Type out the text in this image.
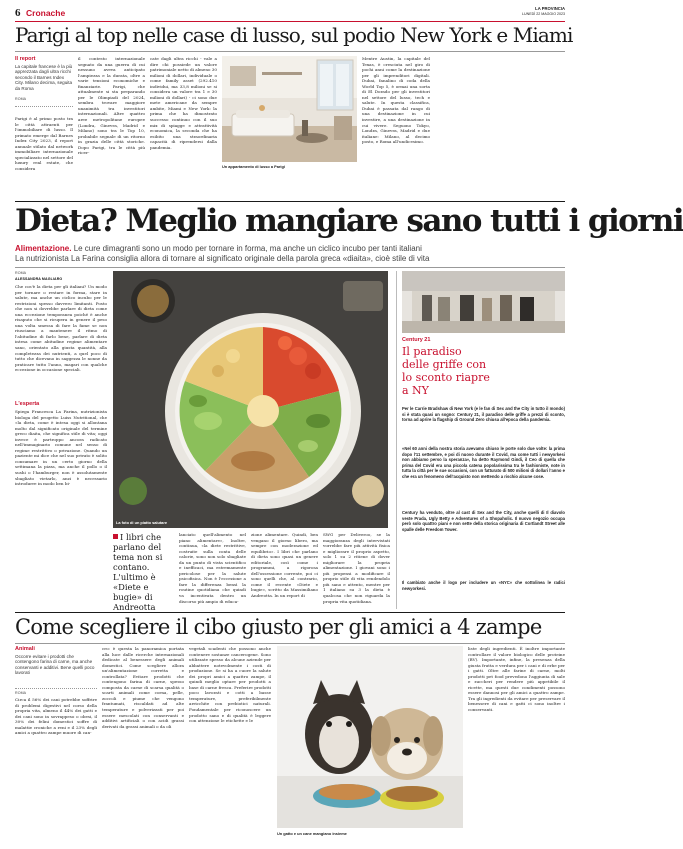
6 Cronache	LA PROVINCIA
LUNEDÌ 22 MAGGIO 2023
Parigi al top nelle case di lusso, sul podio New York e Miami
Il report
La capitale francese è la più apprezzata dagli ultra ricchi secondo il Barnes Index City. Milano decima, seguita da Roma
ROMA
Parigi è al primo posto tra le città attraenti per l'immobiliare di lusso. Il primato emerge dal Barnes Index City 2023, il report annuale stilato dal network immobiliare internazionale specializzato nel settore del luxury real estate, che considera
il contesto internazionale segnato da una guerra di cui nessuno aveva anticipato l'ampiezza e la durata, oltre a varie tensioni economiche e finanziarie. Parigi, che attualmente si sta preparando per le Olimpiadi del 2024, sembra trovare maggiore unanimità tra investitori internazionali. Altre quattro aree metropolitane europee (Londra, Ginevra, Madrid e Milano) sono tra le Top 10, probabile segnale di un ritorno in grazia delle città storiche. Dopo Parigi, tra le città più ricer-
cate dagli ultra ricchi - vale a dire chi possiede un valore patrimoniale netto di almeno 30 milioni di dollari, individuale o come family asset (292.410 individui, ma 33,8 milioni se si considera un valore tra 1 e 30 milioni di dollari) - ci sono due mete americane da sempre ambite, Miami e New York: la prima che ha dimostrato successo continuo con il suo mix di spiagge e attrattività economica, la seconda che ha esibito una straordinaria capacità di riprendersi dalla pandemia.
Un appartamento di lusso a Parigi
Mentre Austin, la capitale del Texas, è cresciuta nel giro di pochi anni come la destinazione per gli imprenditori digitali. Dubai, fanalino di coda della World Top 5, è ormai una sorta di El Dorado per gli investitori nel settore del lusso, tech e salute. In questa classifica, Dubai è passata dal rango di una destinazione in cui investire, a una destinazione in cui vivere. Seguono Tokyo, Londra, Ginevra, Madrid e due italiane: Milano, al decimo posto, e Roma all'undicesimo.
Dieta? Meglio mangiare sano tutti i giorni
Alimentazione. Le cure dimagranti sono un modo per tornare in forma, ma anche un ciclico incubo per tanti italiani
La nutrizionista La Farina consiglia allora di tornare al significato originale della parola greca «diaita», cioè stile di vita
ROMA
ALESSANDRA MAGLIARO
Che cos'è la dieta per gli italiani? Un modo per tornare o restare in forma, stare in salute, ma anche un ciclico incubo per le restrizioni spesso davvero limitanti. Posto che non si dovrebbe parlare di dieta come una eccezione temporanea poiché è anche risaputo che si ricupera in genere il peso una volta smessa di fare la fame se non riusciamo a mantenere il ritmo di l'abitudine di farlo bene, parlare di dieta intesa come abitudine regime alimentare sano, orientato alla giusta quantità, alla completezza dei nutrienti, a quel poco di tutto che dicevano in saggezza le nonne da praticare tutto l'anno, magari con qualche eccezione in occasione speciali.
L'esperta
Spiega Francesca La Farina, nutrizionista biologa del progetto Luiss Nutritional, che «la dieta, come è intesa oggi si allontana molto dal significato originale del termine greco diaita, che significa stile di vita; oggi invece è partroppo ancora radicato nell'immaginario comune nel senso di regime restrittivo o privazione. Quando un paziente mi dice che nel suo privato è solito consumare in un certo giorno della settimana la pizza, ma anche il pollo o il sushi o l'hamburger, non è assolutamente sbagliato vietarlo, anzi è necessario introdurre in modo ben bi-
La foto di un piatto salutare
I libri che parlano del tema non si contano. L'ultimo è «Diete e bugie» di Andreotta
lanciato quell'alimento nel piano alimentare», Inoltre, continua, «la diete restrittive, costruite sulla conta delle calorie, sono non solo sbagliate da un punto di vista scientifico e inefficaci, ma estremamente pericolose per la salute psicofisica. Non è l'eccezione a fare la differenza bensì la routine quotidiana che quindi va incentivata dentro un discorso più ampio di educa-
zione alimentare. Quindi, ben vengano il giorno libero, ma sempre con moderazione ed equilibrio». I libri che parlano di dieta sono quasi un genere editoriale, così come i programmi, a rigorosa dell'ossessione corrente, poi ci sono quelli che, al contrario, come il recente «Diete e bugie», scritto da Massimiliano Andreotta. In un report di
SWG per Deliveroo, se la maggioranza degli intervistati vorrebbe fare più attività fisica e migliorare il proprio aspetto, solo 1 su 2 ritiene di dover migliorare la propria alimentazione. I giovani sono i più propensi a modificare il proprio stile di vita rendendolo più sano e attento, mentre per 1 italiano su 3 la dieta è qualcosa che non riguarda la propria vita quotidiana.
Century 21
Il paradiso delle griffe con lo sconto riapre a NY
Per le Carrie Bradshaw di New York (e le fan di Sex and the City in tutto il mondo) si è stata quasi un sogno: Century 21, il paradiso delle griffe a prezzi di sconto, torna ad aprire la flagship di Ground Zero chiusa all'epoca della pandemia.
«Nel 60 anni della nostra storia avevamo chiuso le porte solo due volte: la prima dopo l'11 settembre, e poi di nuovo durante il Covid, ma come tutti i newyorkesi non abbiamo perso la speranza», ha detto Raymond Gindi, il Ceo di quella che prima del Covid era una piccola catena popolarissima tra le fashioniste, note in tutta la città per le sue occasioni, con un fatturato di 500 milioni di dollari l'anno e che era un fenomeno dell'acquisto non mettendo a rischio alcune cose.
Century ha venduto, oltre al cast di Sex and the City, anche quelli di Il diavolo veste Prada, Ugly Betty e Adventures of a Shopaholic. Il nuovo negozio occupa però solo quattro piani e non sette della storica originaria di Cortlandt Street alle spalle delle Freedom Tower.
Il cambiato anche il logo per includere un «NYC» che sottolinea le radici newyorkesi.
Come scegliere il cibo giusto per gli amici a 4 zampe
Animali
Occorre evitare i prodotti che contengono farina di carne, ma anche conservanti e additivi. Bene quelli poco lavorati
ROMA
Circa il 56% dei cani potrebbe soffrire di problemi digestivi nel corso della propria vita, almeno il 44% dei gatti e dei cani sono in sovrappeso o obesi, il 30% dei felini domestici soffre di malattie croniche a reni e il 23% degli amici a quattro zampe muore di can-
cro: è questa la panoramica portata alla luce dalle ricerche internazionali dedicate al benessere degli animali domestici. Come scegliere allora un'alimentazione corretta e controllata? Evitare prodotti che contengono farina di carne, spesso composta da carne di scarsa qualità o scarti animali come corna, pelle, zoccoli e piume che vengono frantumati, riscaldati ad alte temperature e polverizzati per poi essere mescolati con conservanti e additivi artificiali o con acidi grassi derivati da grassi animali o da oli
vegetali scadenti che possono anche contenere sostanze cancerogene. Sono utilizzate spesso da alcune aziende per abbattere notevolmente i costi di produzione. Se si ha a cuore la salute dei propri amici a quattro zampe, il quindi meglio optare per prodotti a base di carne fresca. Preferire prodotti poco lavorati e cotti a basse temperature, preferibilmente arricchite con prebiotici naturali. Fondamentale per riconoscere un prodotto sano e di qualità è leggere con attenzione le etichette e le
Un gatto e un cane mangiano insieme
liste degli ingredienti. È inoltre importante controllare il valore biologico delle proteine (BV). Importante, infine, la presenza della giusta frutta e verdura per i cani e di erbe per i gatti. Oltre alle farine di carne, molti prodotti pet food prevedono l'aggiunta di sale e zuccheri per rendere più appetibile il ricette, ma questi due condimenti possono essere dannosi per gli amici a quattro zampe. Tra gli ingredienti da evitare per preservare il benessere di cani e gatti ci sono inoltre i conservanti.
